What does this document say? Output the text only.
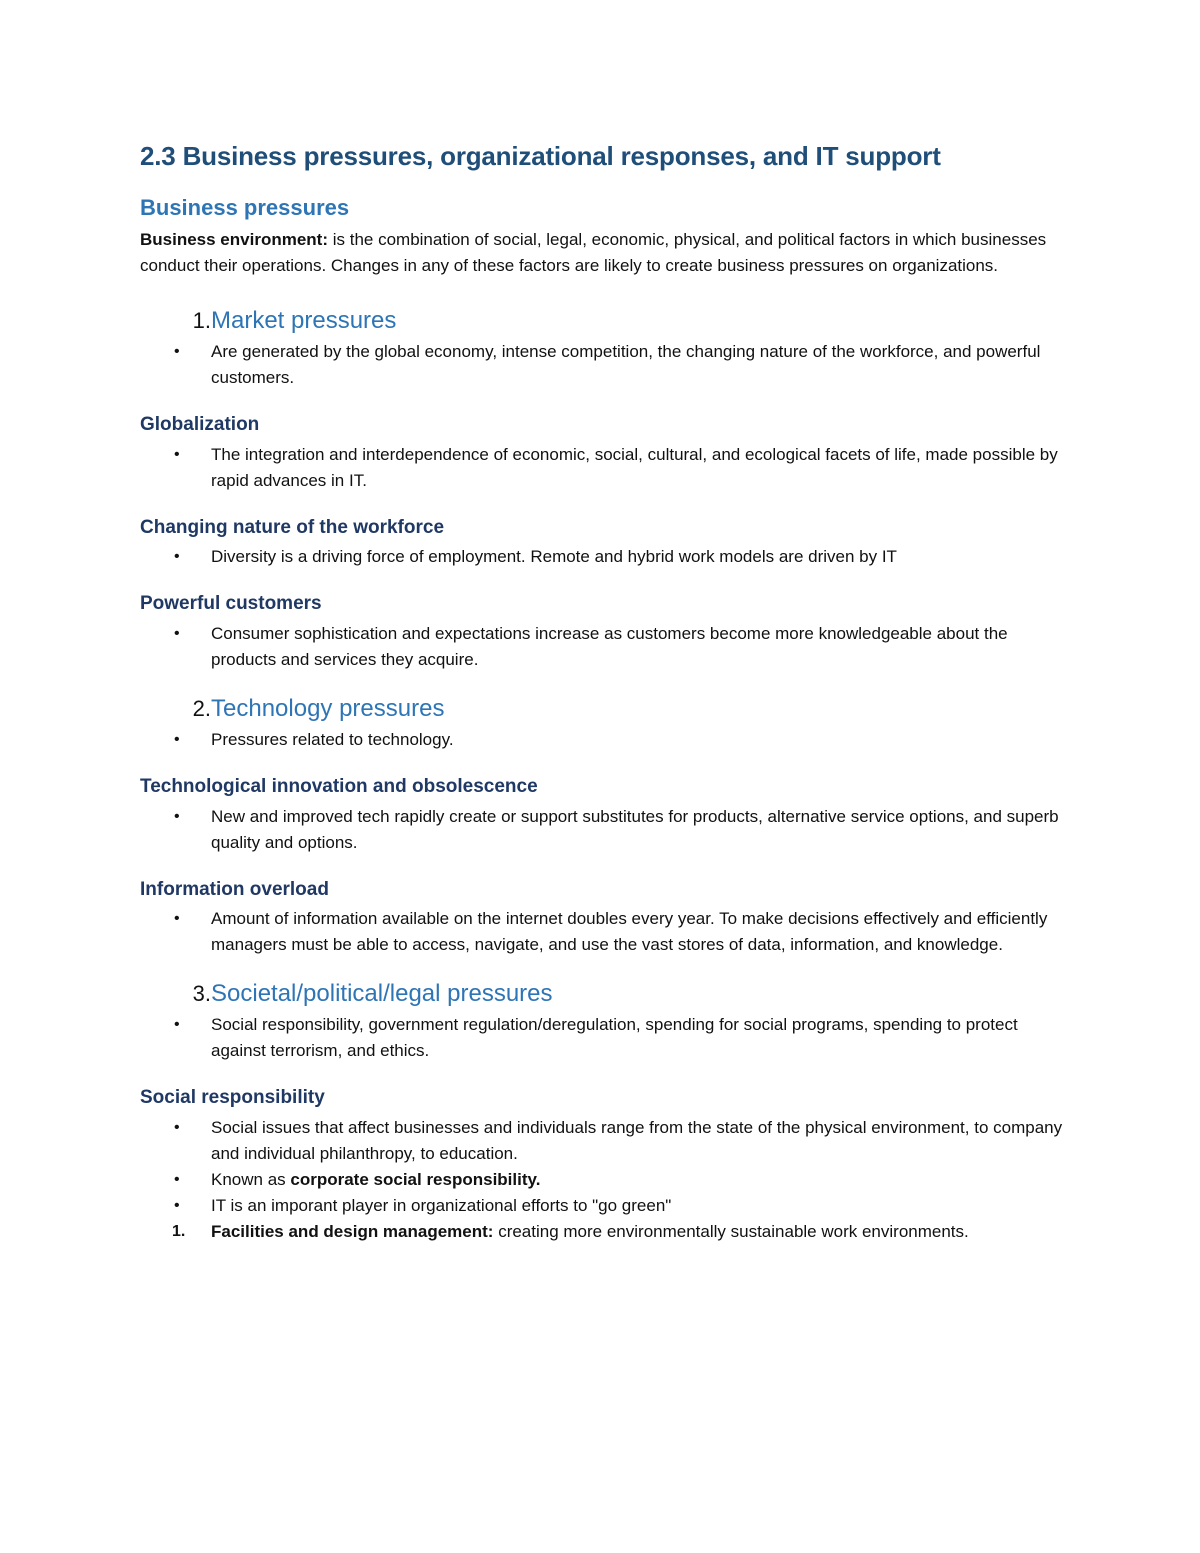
2.3 Business pressures, organizational responses, and IT support
Business pressures

Business environment: is the combination of social, legal, economic, physical, and political factors in which businesses conduct their operations. Changes in any of these factors are likely to create business pressures on organizations.

1. Market pressures
•	Are generated by the global economy, intense competition, the changing nature of the workforce, and powerful customers.
Globalization
•	The integration and interdependence of economic, social, cultural, and ecological facets of life, made possible by rapid advances in IT.
Changing nature of the workforce
•	Diversity is a driving force of employment. Remote and hybrid work models are driven by IT
Powerful customers
•	Consumer sophistication and expectations increase as customers become more knowledgeable about the products and services they acquire.
2. Technology pressures
•	Pressures related to technology.
Technological innovation and obsolescence
•	New and improved tech rapidly create or support substitutes for products, alternative service options, and superb quality and options.
Information overload
•	Amount of information available on the internet doubles every year. To make decisions effectively and efficiently managers must be able to access, navigate, and use the vast stores of data, information, and knowledge.
3. Societal/political/legal pressures
•	Social responsibility, government regulation/deregulation, spending for social programs, spending to protect against terrorism, and ethics.
Social responsibility
•	Social issues that affect businesses and individuals range from the state of the physical environment, to company and individual philanthropy, to education.
•	Known as corporate social responsibility.
•	IT is an imporant player in organizational efforts to "go green"
1.	Facilities and design management: creating more environmentally sustainable work environments.
